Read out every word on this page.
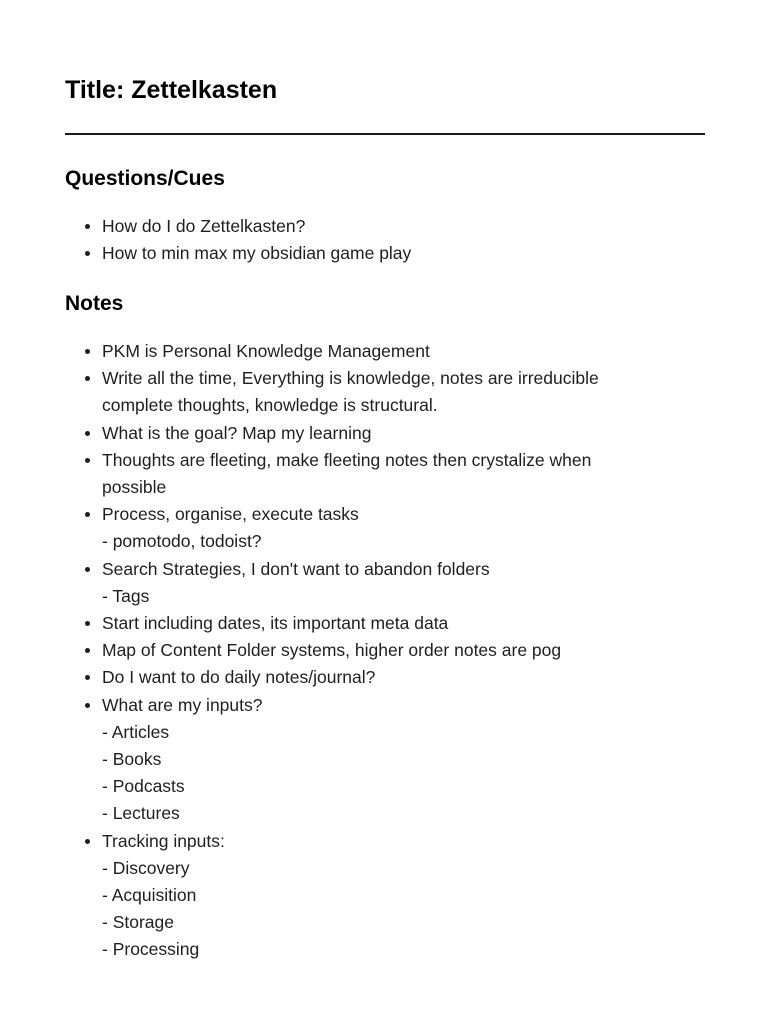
Title: Zettelkasten
Questions/Cues
How do I do Zettelkasten?
How to min max my obsidian game play
Notes
PKM is Personal Knowledge Management
Write all the time, Everything is knowledge, notes are irreducible
complete thoughts, knowledge is structural.
What is the goal? Map my learning
Thoughts are fleeting, make fleeting notes then crystalize when
possible
Process, organise, execute tasks
- pomotodo, todoist?
Search Strategies, I don't want to abandon folders
- Tags
Start including dates, its important meta data
Map of Content Folder systems, higher order notes are pog
Do I want to do daily notes/journal?
What are my inputs?
- Articles
- Books
- Podcasts
- Lectures
Tracking inputs:
- Discovery
- Acquisition
- Storage
- Processing
